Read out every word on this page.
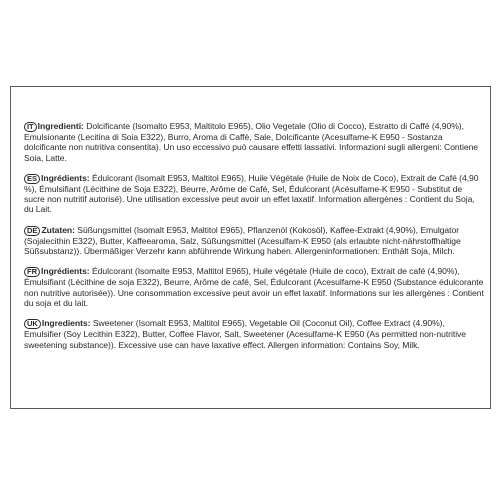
IT Ingredienti: Dolcificante (Isomalto E953, Maltitolo E965), Olio Vegetale (Olio di Cocco), Estratto di Caffè (4,90%), Emulsionante (Lecitina di Soia E322), Burro, Aroma di Caffè, Sale, Dolcificante (Acesulfame-K E950 - Sostanza dolcificante non nutritiva consentita). Un uso eccessivo può causare effetti lassativi. Informazioni sugli allergeni: Contiene Soia, Latte.

ES Ingrédients: Édulcorant (Isomalt E953, Maltitol E965), Huile Végétale (Huile de Noix de Coco), Extrait de Café (4,90 %), Émulsifiant (Lécithine de Soja E322), Beurre, Arôme de Café, Sel, Édulcorant (Acésulfame-K E950 - Substitut de sucre non nutritif autorisé). Une utilisation excessive peut avoir un effet laxatif. Information allergènes : Contient du Soja, du Lait.

DE Zutaten: Süßungsmittel (Isomalt E953, Maltitol E965), Pflanzenöl (Kokosöl), Kaffee-Extrakt (4,90%), Emulgator (Sojalecithin E322), Butter, Kaffeearoma, Salz, Süßungsmittel (Acesulfam-K E950 (als erlaubte nicht-nährstoffhaltige Süßsubstanz)). Übermäßiger Verzehr kann abführende Wirkung haben. Allergeninformationen: Enthält Soja, Milch.

FR Ingrédients: Édulcorant (Isomalte E953, Maltitol E965), Huile végétale (Huile de coco), Extrait de café (4,90%), Émulsifiant (Lécithine de soja E322), Beurre, Arôme de café, Sel, Édulcorant (Acesulfame-K E950 (Substance édulcorante non nutritive autorisée)). Une consommation excessive peut avoir un effet laxatif. Informations sur les allergènes : Contient du soja et du lait.

UK Ingredients: Sweetener (Isomalt E953, Maltitol E965), Vegetable Oil (Coconut Oil), Coffee Extract (4.90%), Emulsifier (Soy Lecithin E322), Butter, Coffee Flavor, Salt, Sweetener (Acesulfame-K E950 (As permitted non-nutritive sweetening substance)). Excessive use can have laxative effect. Allergen information: Contains Soy, Milk.
